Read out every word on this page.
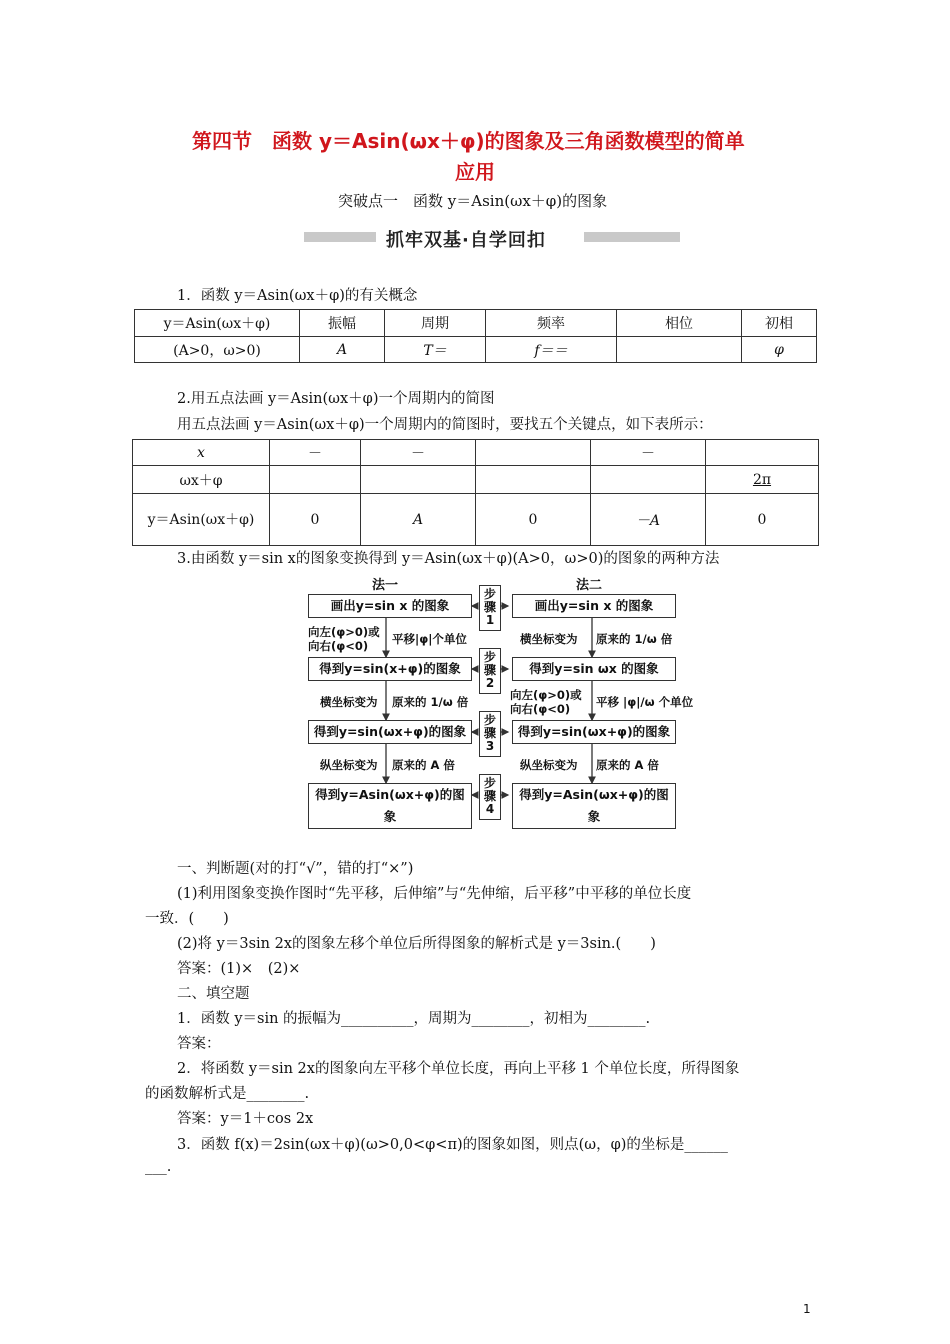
第四节　函数 y＝Asin(ωx＋φ)的图象及三角函数模型的简单
应用
突破点一　函数 y＝Asin(ωx＋φ)的图象
抓牢双基·自学回扣
1．函数 y＝Asin(ωx＋φ)的有关概念
y＝Asin(ωx＋φ)	振幅	周期	频率	相位	初相
(A>0，ω>0)	A	T＝	f＝＝		φ
2.用五点法画 y＝Asin(ωx＋φ)一个周期内的简图
用五点法画 y＝Asin(ωx＋φ)一个周期内的简图时，要找五个关键点，如下表所示：
x	－	－		－	
ωx＋φ					2π
y＝Asin(ωx＋φ)	0	A	0	－A	0
3.由函数 y＝sin x的图象变换得到 y＝Asin(ωx＋φ)(A>0，ω>0)的图象的两种方法
法一	法二
画出y=sin x 的图象
得到y=sin(x+φ)的图象
得到y=sin(ωx+φ)的图象
得到y=Asin(ωx+φ)的图象
画出y=sin x 的图象
得到y=sin ωx 的图象
得到y=sin(ωx+φ)的图象
得到y=Asin(ωx+φ)的图象
步骤1
步骤2
步骤3
步骤4
向左(φ>0)或
向右(φ<0) 平移|φ|个单位
横坐标变为 原来的 1/ω 倍
纵坐标变为 原来的 A 倍
横坐标变为 原来的 1/ω 倍
向左(φ>0)或
向右(φ<0) 平移 |φ|/ω 个单位
纵坐标变为 原来的 A 倍
一、判断题(对的打“√”，错的打“×”)
(1)利用图象变换作图时“先平移，后伸缩”与“先伸缩，后平移”中平移的单位长度
一致．(　　)
(2)将 y＝3sin 2x的图象左移个单位后所得图象的解析式是 y＝3sin.(　　)
答案：(1)×　(2)×
二、填空题
1．函数 y＝sin 的振幅为__________，周期为________，初相为________.
答案：
2．将函数 y＝sin 2x的图象向左平移个单位长度，再向上平移 1 个单位长度，所得图象
的函数解析式是________.
答案：y＝1＋cos 2x
3．函数 f(x)＝2sin(ωx＋φ)(ω>0,0<φ<π)的图象如图，则点(ω，φ)的坐标是______
___.
1
